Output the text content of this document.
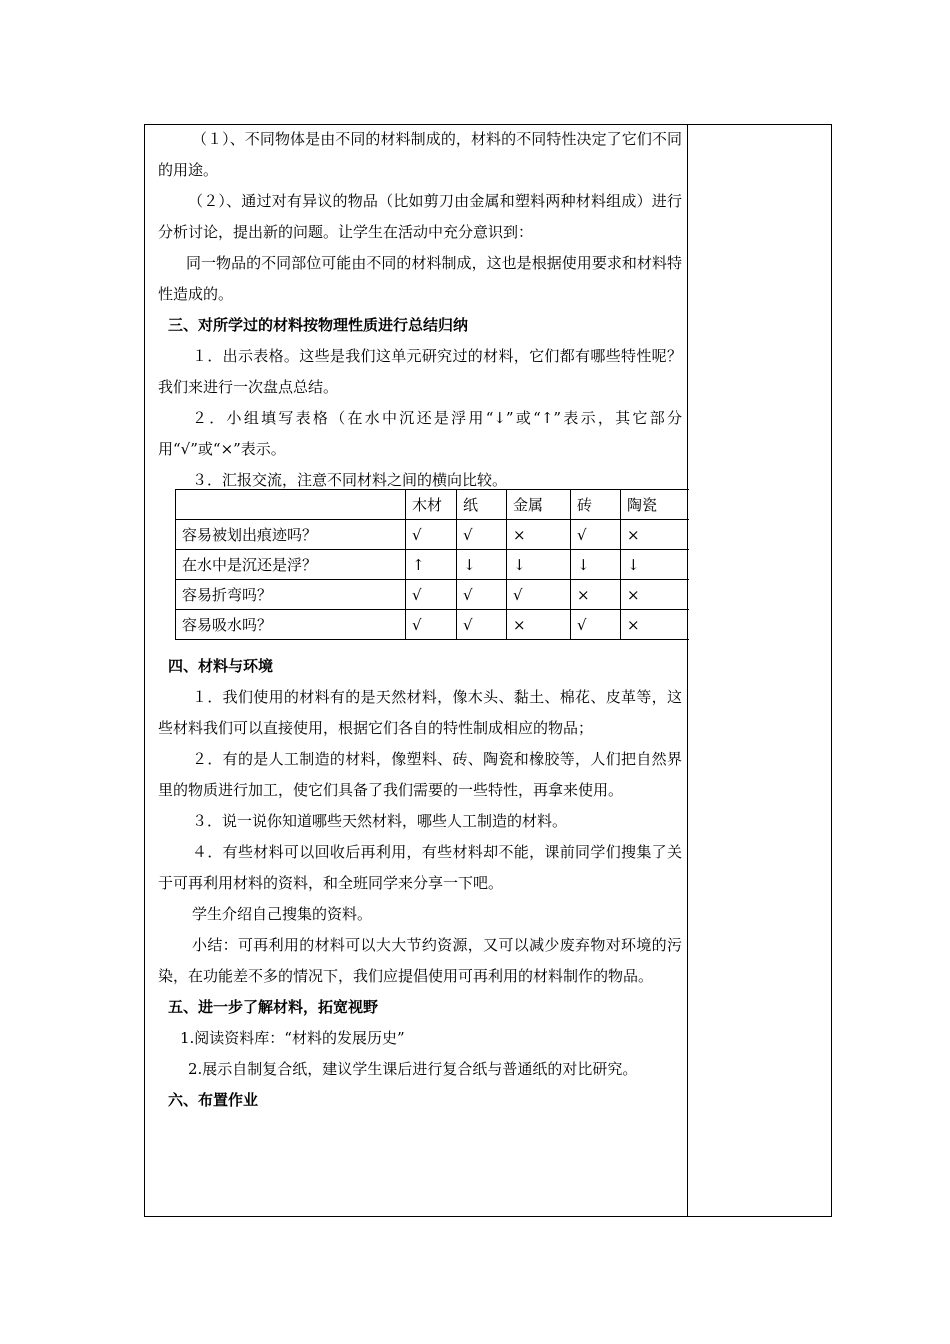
（１）、不同物体是由不同的材料制成的，材料的不同特性决定了它们不同的用途。

（２）、通过对有异议的物品（比如剪刀由金属和塑料两种材料组成）进行分析讨论，提出新的问题。让学生在活动中充分意识到：

同一物品的不同部位可能由不同的材料制成，这也是根据使用要求和材料特性造成的。

三、对所学过的材料按物理性质进行总结归纳

１．出示表格。这些是我们这单元研究过的材料，它们都有哪些特性呢？我们来进行一次盘点总结。

２．小组填写表格（在水中沉还是浮用“↓”或“↑”表示，其它部分用“√”或“×”表示。

３．汇报交流，注意不同材料之间的横向比较。

四、材料与环境

１．我们使用的材料有的是天然材料，像木头、黏土、棉花、皮革等，这些材料我们可以直接使用，根据它们各自的特性制成相应的物品；

２．有的是人工制造的材料，像塑料、砖、陶瓷和橡胶等，人们把自然界里的物质进行加工，使它们具备了我们需要的一些特性，再拿来使用。

３．说一说你知道哪些天然材料，哪些人工制造的材料。

４．有些材料可以回收后再利用，有些材料却不能，课前同学们搜集了关于可再利用材料的资料，和全班同学来分享一下吧。

学生介绍自己搜集的资料。

小结：可再利用的材料可以大大节约资源，又可以减少废弃物对环境的污染，在功能差不多的情况下，我们应提倡使用可再利用的材料制作的物品。

五、进一步了解材料，拓宽视野

1.阅读资料库：“材料的发展历史”

2.展示自制复合纸，建议学生课后进行复合纸与普通纸的对比研究。

六、布置作业

	木材	纸	金属	砖	陶瓷
容易被划出痕迹吗？	√	√	×	√	×
在水中是沉还是浮？	↑	↓	↓	↓	↓
容易折弯吗？	√	√	√	×	×
容易吸水吗？	√	√	×	√	×
